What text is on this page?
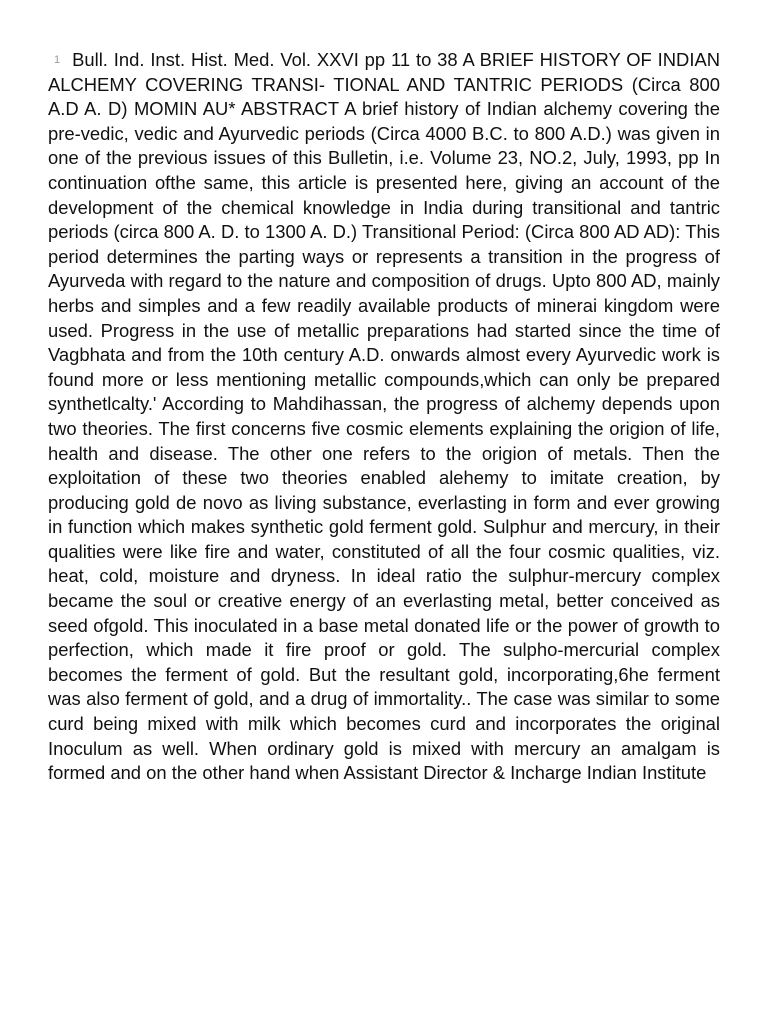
1 Bull. Ind. Inst. Hist. Med. Vol. XXVI pp 11 to 38 A BRIEF HISTORY OF INDIAN ALCHEMY COVERING TRANSI- TIONAL AND TANTRIC PERIODS (Circa 800 A.D A. D) MOMIN AU* ABSTRACT A brief history of Indian alchemy covering the pre-vedic, vedic and Ayurvedic periods (Circa 4000 B.C. to 800 A.D.) was given in one of the previous issues of this Bulletin, i.e. Volume 23, NO.2, July, 1993, pp In continuation ofthe same, this article is presented here, giving an account of the development of the chemical knowledge in India during transitional and tantric periods (circa 800 A. D. to 1300 A. D.) Transitional Period: (Circa 800 AD AD): This period determines the parting ways or represents a transition in the progress of Ayurveda with regard to the nature and composition of drugs. Upto 800 AD, mainly herbs and simples and a few readily available products of minerai kingdom were used. Progress in the use of metallic preparations had started since the time of Vagbhata and from the 10th century A.D. onwards almost every Ayurvedic work is found more or less mentioning metallic compounds,which can only be prepared synthetlcalty.' According to Mahdihassan, the progress of alchemy depends upon two theories. The first concerns five cosmic elements explaining the origion of life, health and disease. The other one refers to the origion of metals. Then the exploitation of these two theories enabled alehemy to imitate creation, by producing gold de novo as living substance, everlasting in form and ever growing in function which makes synthetic gold ferment gold. Sulphur and mercury, in their qualities were like fire and water, constituted of all the four cosmic qualities, viz. heat, cold, moisture and dryness. In ideal ratio the sulphur-mercury complex became the soul or creative energy of an everlasting metal, better conceived as seed ofgold. This inoculated in a base metal donated life or the power of growth to perfection, which made it fire proof or gold. The sulpho-mercurial complex becomes the ferment of gold. But the resultant gold, incorporating,6he ferment was also ferment of gold, and a drug of immortality.. The case was similar to some curd being mixed with milk which becomes curd and incorporates the original Inoculum as well. When ordinary gold is mixed with mercury an amalgam is formed and on the other hand when Assistant Director & Incharge Indian Institute
